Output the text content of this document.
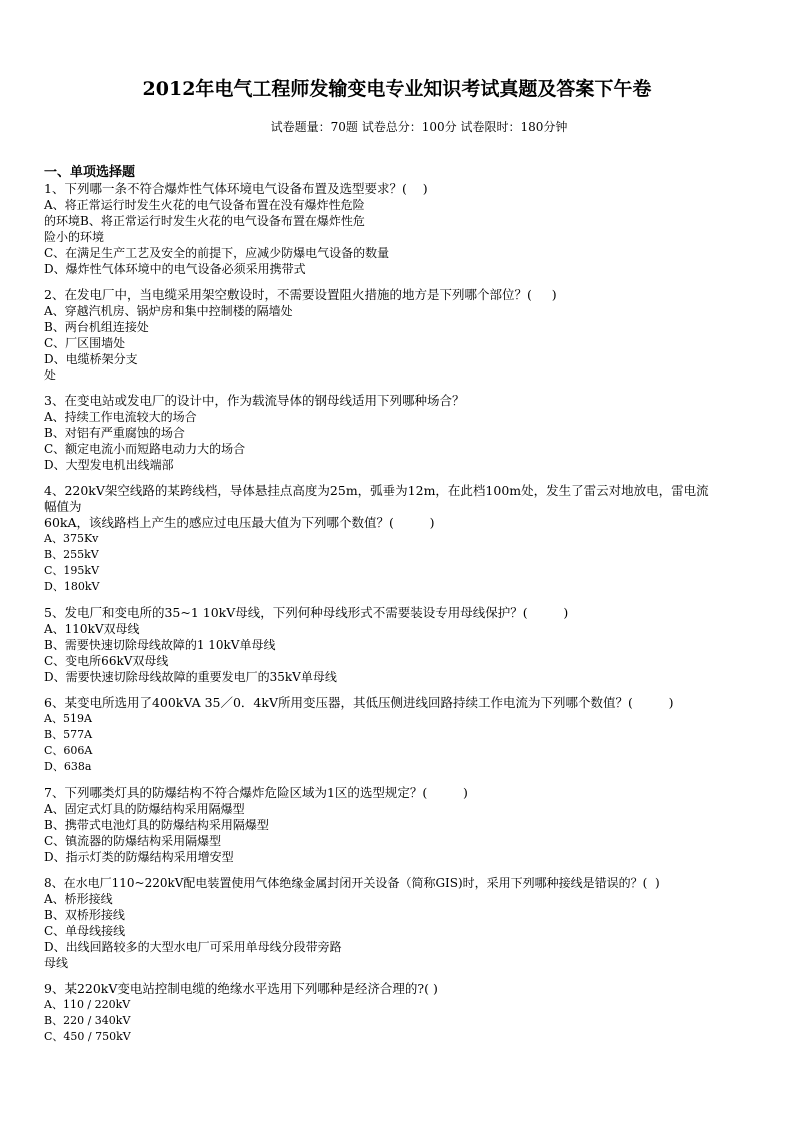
2012年电气工程师发输变电专业知识考试真题及答案下午卷
试卷题量：70题 试卷总分：100分 试卷限时：180分钟
一、单项选择题

1、下列哪一条不符合爆炸性气体环境电气设备布置及选型要求？(    )

A、将正常运行时发生火花的电气设备布置在没有爆炸性危险

的环境B、将正常运行时发生火花的电气设备布置在爆炸性危

险小的环境

C、在满足生产工艺及安全的前提下，应减少防爆电气设备的数量

D、爆炸性气体环境中的电气设备必须采用携带式

2、在发电厂中，当电缆采用架空敷设时，不需要设置阻火措施的地方是下列哪个部位？(     )

A、穿越汽机房、锅炉房和集中控制楼的隔墙处

B、两台机组连接处

C、厂区围墙处

D、电缆桥架分支

处

3、在变电站或发电厂的设计中，作为载流导体的钢母线适用下列哪种场合？

A、持续工作电流较大的场合

B、对铝有严重腐蚀的场合

C、额定电流小而短路电动力大的场合

D、大型发电机出线端部

4、220kV架空线路的某跨线档，导体悬挂点高度为25m，弧垂为12m，在此档100m处，发生了雷云对地放电，雷电流

幅值为

60kA，该线路档上产生的感应过电压最大值为下列哪个数值？(         )

A、375Kv

B、255kV

C、195kV

D、180kV

5、发电厂和变电所的35~1 10kV母线，下列何种母线形式不需要装设专用母线保护？(         )

A、110kV双母线

B、需要快速切除母线故障的1 10kV单母线

C、变电所66kV双母线

D、需要快速切除母线故障的重要发电厂的35kV单母线

6、某变电所选用了400kVA 35／0．4kV所用变压器，其低压侧进线回路持续工作电流为下列哪个数值？(         )

A、519A

B、577A

C、606A

D、638a

7、下列哪类灯具的防爆结构不符合爆炸危险区域为1区的选型规定？(         )

A、固定式灯具的防爆结构采用隔爆型

B、携带式电池灯具的防爆结构采用隔爆型

C、镇流器的防爆结构采用隔爆型

D、指示灯类的防爆结构采用增安型

8、在水电厂110~220kV配电装置使用气体绝缘金属封闭开关设备（简称GIS)时，采用下列哪种接线是错误的？(  )

A、桥形接线

B、双桥形接线

C、单母线接线

D、出线回路较多的大型水电厂可采用单母线分段带旁路

母线

9、某220kV变电站控制电缆的绝缘水平选用下列哪种是经济合理的?( )

A、110 / 220kV

B、220 / 340kV

C、450 / 750kV
